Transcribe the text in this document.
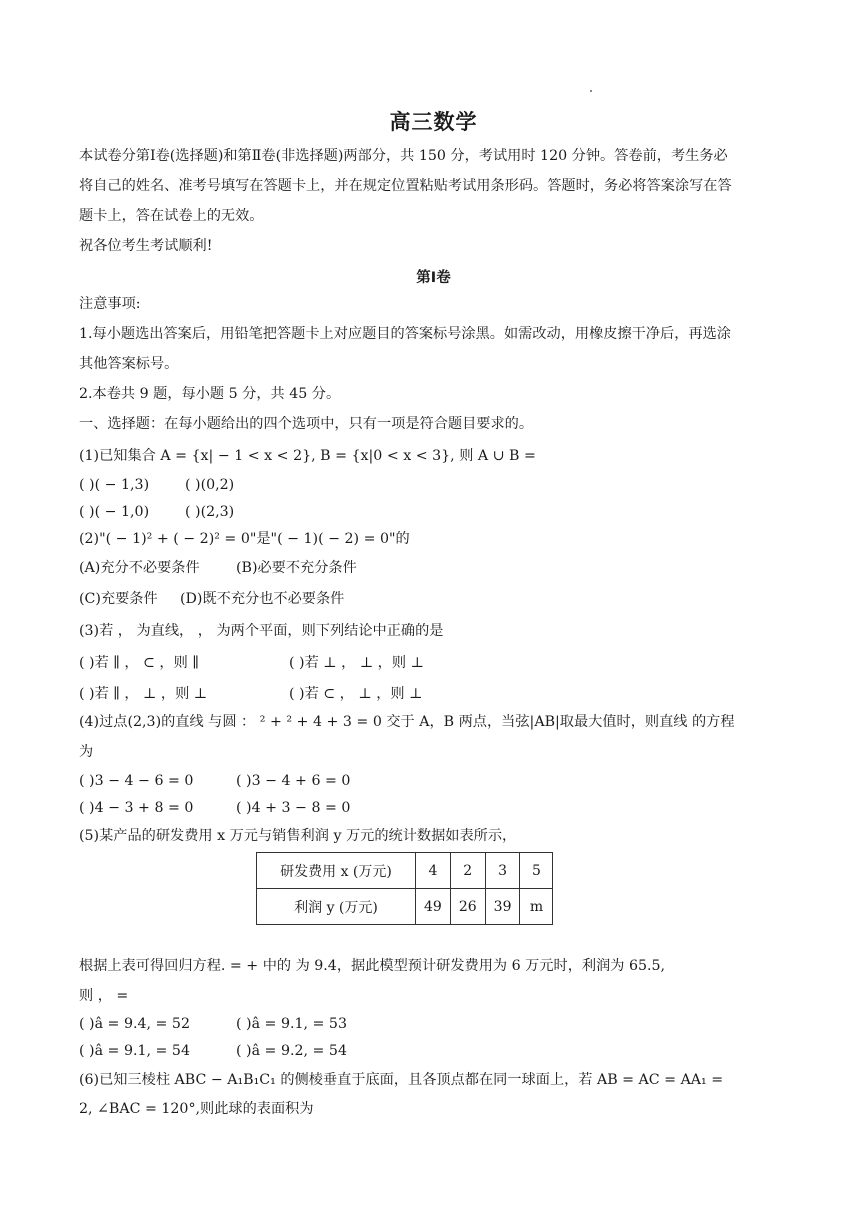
高三数学
本试卷分第Ⅰ卷(选择题)和第Ⅱ卷(非选择题)两部分，共 150 分，考试用时 120 分钟。答卷前，考生务必
将自己的姓名、准考号填写在答题卡上，并在规定位置粘贴考试用条形码。答题时，务必将答案涂写在答
题卡上，答在试卷上的无效。
祝各位考生考试顺利!
第Ⅰ卷
注意事项:
1.每小题选出答案后，用铅笔把答题卡上对应题目的答案标号涂黑。如需改动，用橡皮擦干净后，再选涂
其他答案标号。
2.本卷共 9 题，每小题 5 分，共 45 分。
一、选择题：在每小题给出的四个选项中，只有一项是符合题目要求的。
(1)已知集合 A = {x| − 1 < x < 2}, B = {x|0 < x < 3}, 则 A ∪ B =
( )( − 1,3)	( )(0,2)
( )( − 1,0)	( )(2,3)
(2)"( − 1)² + ( − 2)² = 0"是"( − 1)( − 2) = 0"的
(A)充分不必要条件	(B)必要不充分条件
(C)充要条件 (D)既不充分也不必要条件
(3)若 ， 为直线， ， 为两个平面，则下列结论中正确的是
( )若 ∥ ， ⊂ ，则 ∥	( )若 ⊥ ， ⊥ ，则 ⊥
( )若 ∥ ， ⊥ ，则 ⊥	( )若 ⊂ ， ⊥ ，则 ⊥
(4)过点(2,3)的直线 与圆 ： ² + ² + 4 + 3 = 0 交于 A，B 两点，当弦|AB|取最大值时，则直线 的方程
为
( )3 − 4 − 6 = 0	( )3 − 4 + 6 = 0
( )4 − 3 + 8 = 0	( )4 + 3 − 8 = 0
(5)某产品的研发费用 x 万元与销售利润 y 万元的统计数据如表所示，
研发费用 x (万元)	4	2	3	5
利润 y (万元)	49	26	39	m
根据上表可得回归方程. = + 中的 为 9.4，据此模型预计研发费用为 6 万元时，利润为 65.5,
则 ， =
( )â = 9.4, = 52	( )â = 9.1, = 53
( )â = 9.1, = 54	( )â = 9.2, = 54
(6)已知三棱柱 ABC − A₁B₁C₁ 的侧棱垂直于底面，且各顶点都在同一球面上，若 AB = AC = AA₁ =
2, ∠BAC = 120°,则此球的表面积为
